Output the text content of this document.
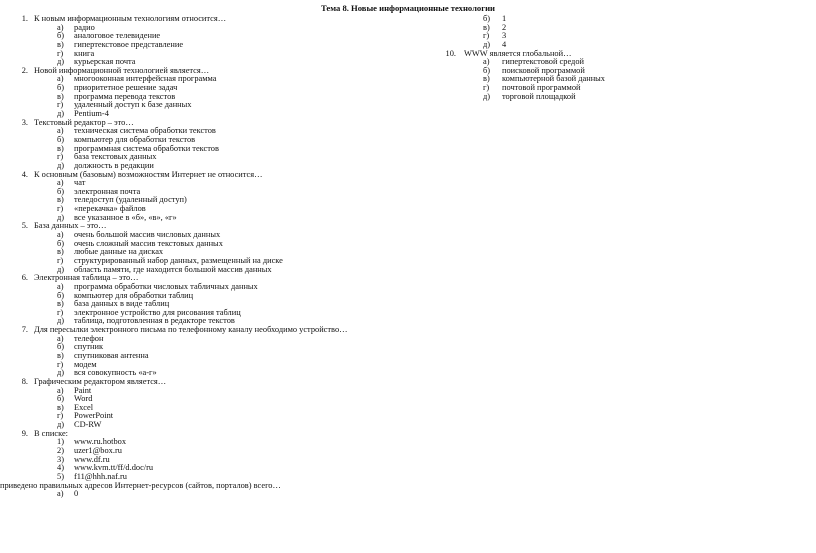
Тема 8. Новые информационные технологии
1. К новым информационным технологиям относится…
а) радио
б) аналоговое телевидение
в) гипертекстовое представление
г) книга
д) курьерская почта
2. Новой информационной технологией является…
а) многооконная интерфейсная программа
б) приоритетное решение задач
в) программа перевода текстов
г) удаленный доступ к базе данных
д) Pentium-4
3. Текстовый редактор – это…
а) техническая система обработки текстов
б) компьютер для обработки текстов
в) программная система обработки текстов
г) база текстовых данных
д) должность в редакции
4. К основным (базовым) возможностям Интернет не относится…
а) чат
б) электронная почта
в) теледоступ (удаленный доступ)
г) «перекачка» файлов
д) все указанное в «б», «в», «г»
5. База данных – это…
а) очень большой массив числовых данных
б) очень сложный массив текстовых данных
в) любые данные на дисках
г) структурированный набор данных, размещенный на диске
д) область памяти, где находится большой массив данных
6. Электронная таблица – это…
а) программа обработки числовых табличных данных
б) компьютер для обработки таблиц
в) база данных в виде таблиц
г) электронное устройство для рисования таблиц
д) таблица, подготовленная в редакторе текстов
7. Для пересылки электронного письма по телефонному каналу необходимо устройство…
а) телефон
б) спутник
в) спутниковая антенна
г) модем
д) вся совокупность «а-г»
8. Графическим редактором является…
а) Paint
б) Word
в) Excel
г) PowerPoint
д) CD-RW
9. В списке:
1) www.ru.hotbox
2) uzer1@box.ru
3) www.df.ru
4) www.kvm.tt/ff/d.doc/ru
5) f11@hhh.naf.ru
приведено правильных адресов Интернет-ресурсов (сайтов, порталов) всего…
а) 0
б) 1
в) 2
г) 3
д) 4
10. WWW является глобальной…
а) гипертекстовой средой
б) поисковой программой
в) компьютерной базой данных
г) почтовой программой
д) торговой площадкой
